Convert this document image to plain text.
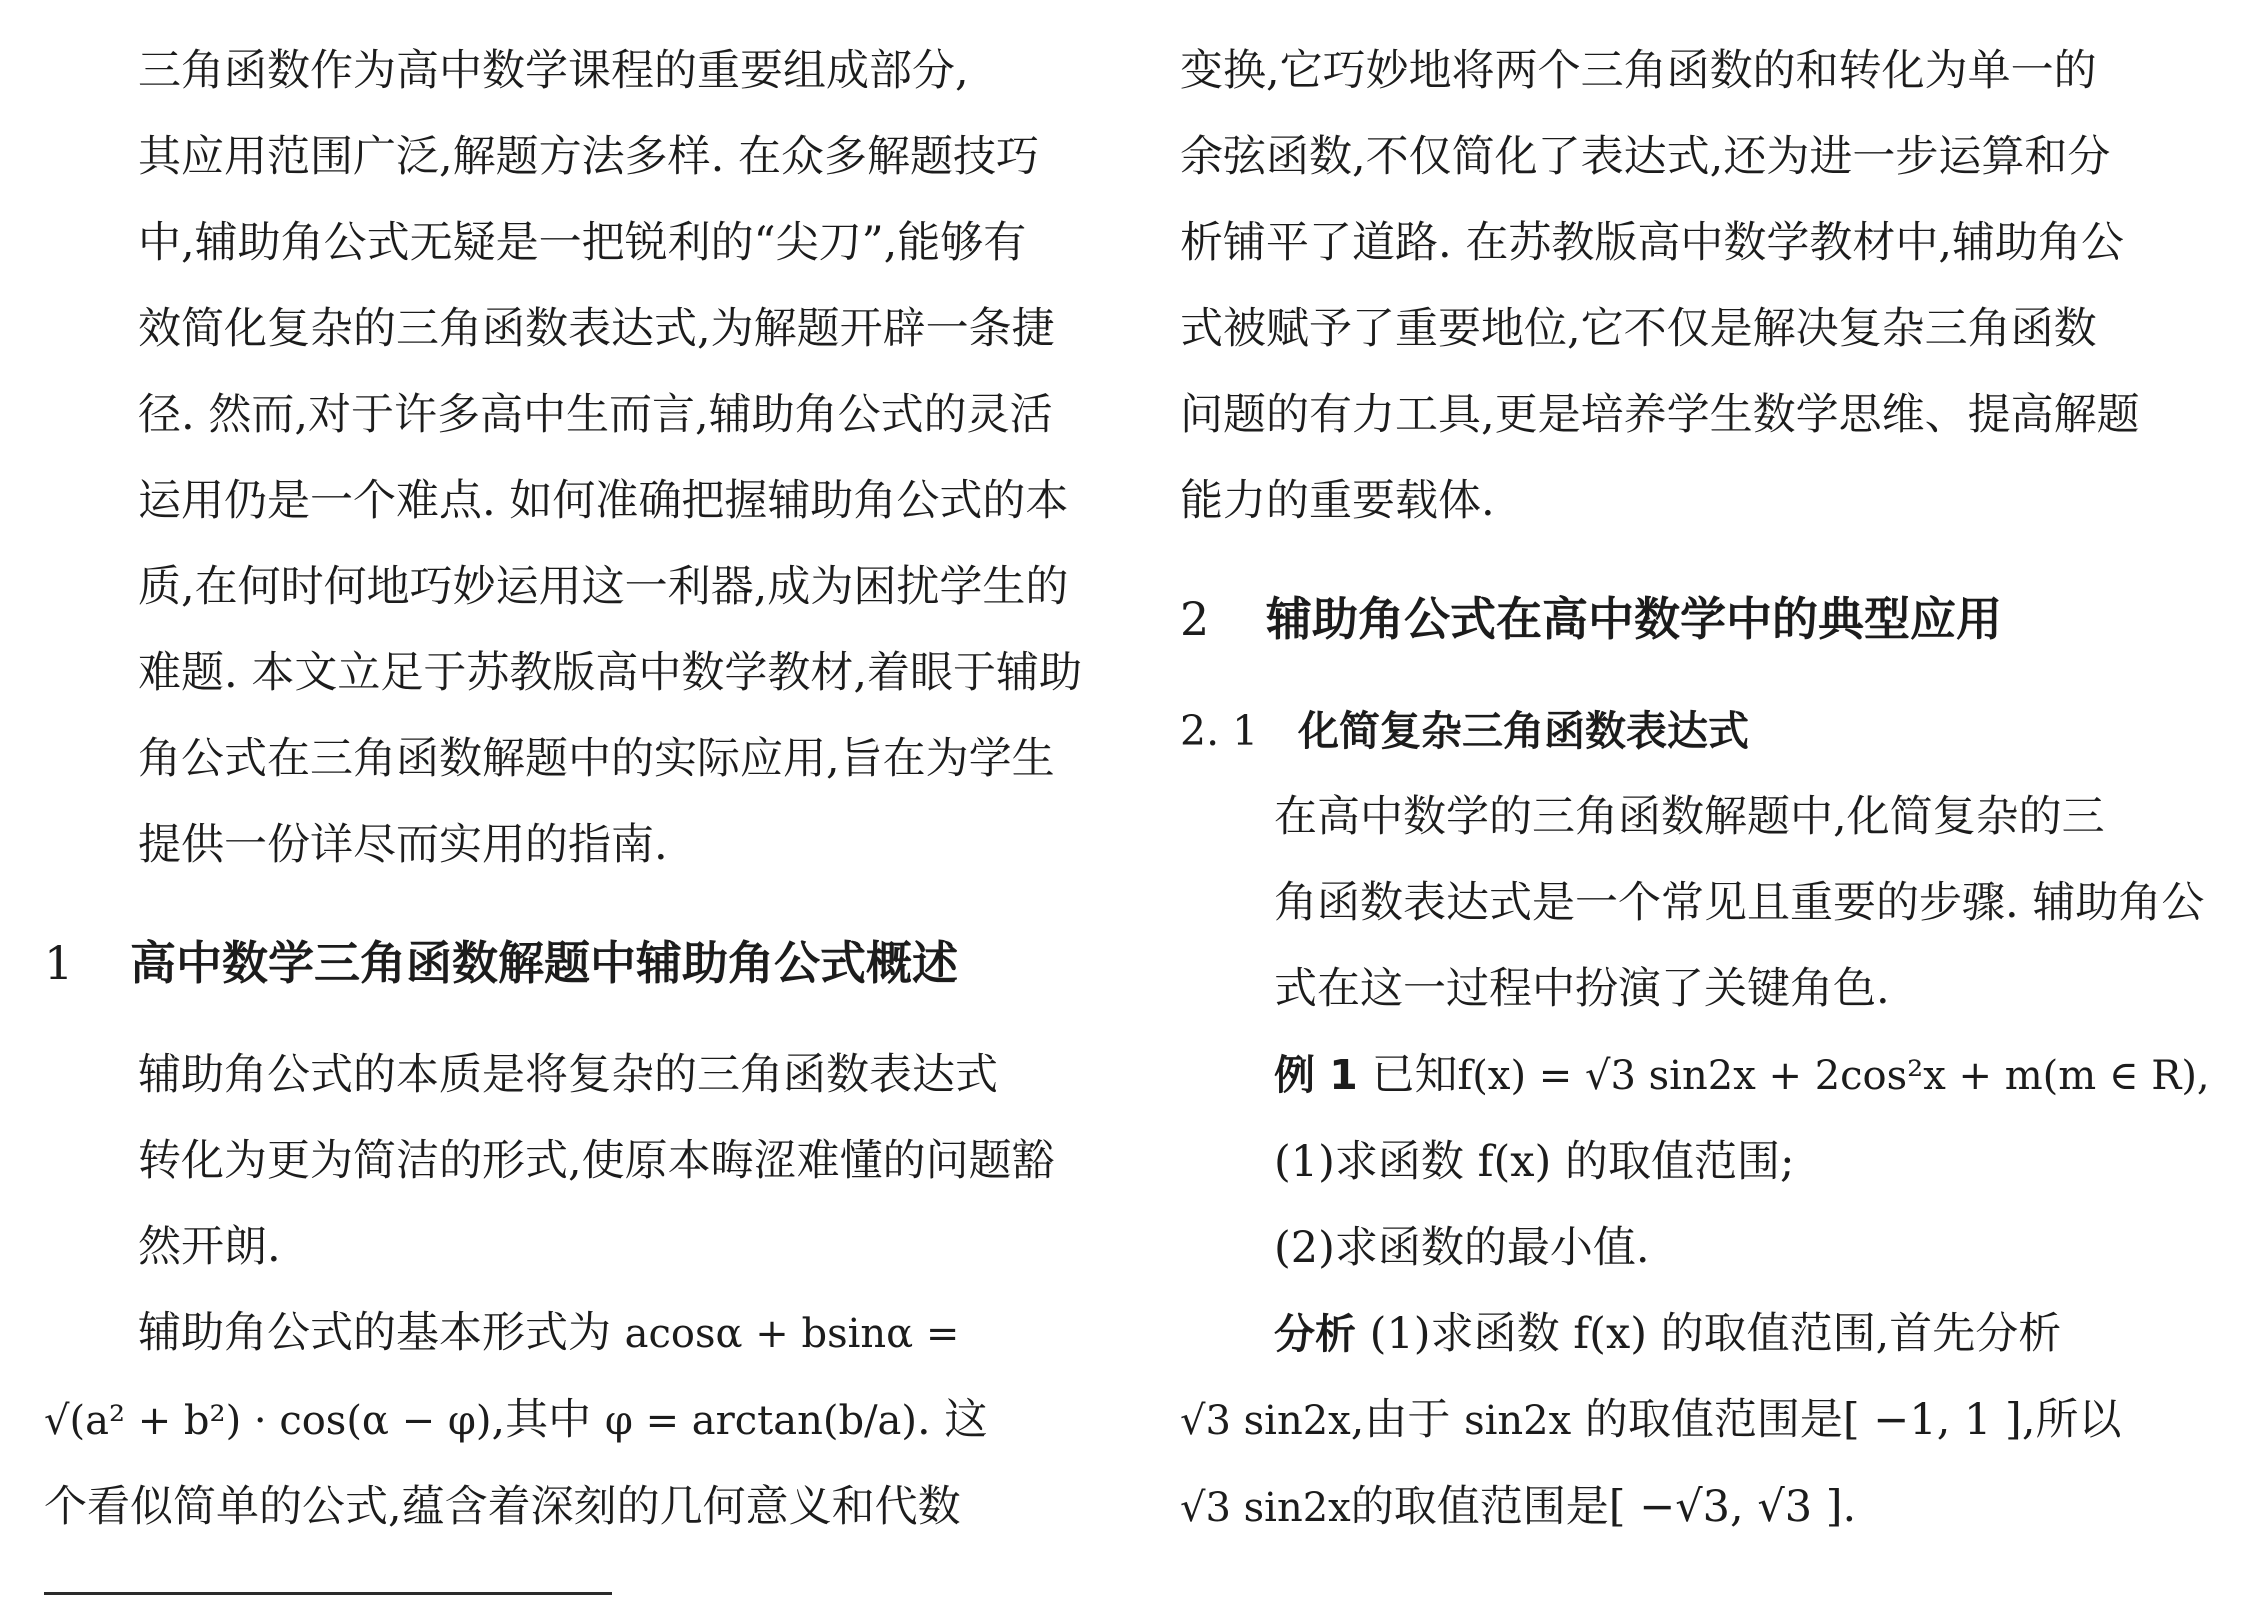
三角函数作为高中数学课程的重要组成部分,
其应用范围广泛,解题方法多样. 在众多解题技巧
中,辅助角公式无疑是一把锐利的“尖刀”,能够有
效简化复杂的三角函数表达式,为解题开辟一条捷
径. 然而,对于许多高中生而言,辅助角公式的灵活
运用仍是一个难点. 如何准确把握辅助角公式的本
质,在何时何地巧妙运用这一利器,成为困扰学生的
难题. 本文立足于苏教版高中数学教材,着眼于辅助
角公式在三角函数解题中的实际应用,旨在为学生
提供一份详尽而实用的指南.

1 高中数学三角函数解题中辅助角公式概述

辅助角公式的本质是将复杂的三角函数表达式
转化为更为简洁的形式,使原本晦涩难懂的问题豁
然开朗.

辅助角公式的基本形式为 acosα + bsinα =

√(a² + b²) · cos(α − φ),其中 φ = arctan(b/a). 这

个看似简单的公式,蕴含着深刻的几何意义和代数

变换,它巧妙地将两个三角函数的和转化为单一的
余弦函数,不仅简化了表达式,还为进一步运算和分
析铺平了道路. 在苏教版高中数学教材中,辅助角公
式被赋予了重要地位,它不仅是解决复杂三角函数
问题的有力工具,更是培养学生数学思维、提高解题
能力的重要载体.

2 辅助角公式在高中数学中的典型应用
2. 1 化简复杂三角函数表达式

在高中数学的三角函数解题中,化简复杂的三
角函数表达式是一个常见且重要的步骤. 辅助角公
式在这一过程中扮演了关键角色.

例 1 已知f(x) = √3 sin2x + 2cos²x + m(m ∈ R),

(1)求函数 f(x) 的取值范围;

(2)求函数的最小值.

分析 (1)求函数 f(x) 的取值范围,首先分析

√3 sin2x,由于 sin2x 的取值范围是[ −1, 1 ],所以

√3 sin2x的取值范围是[ −√3, √3 ].
